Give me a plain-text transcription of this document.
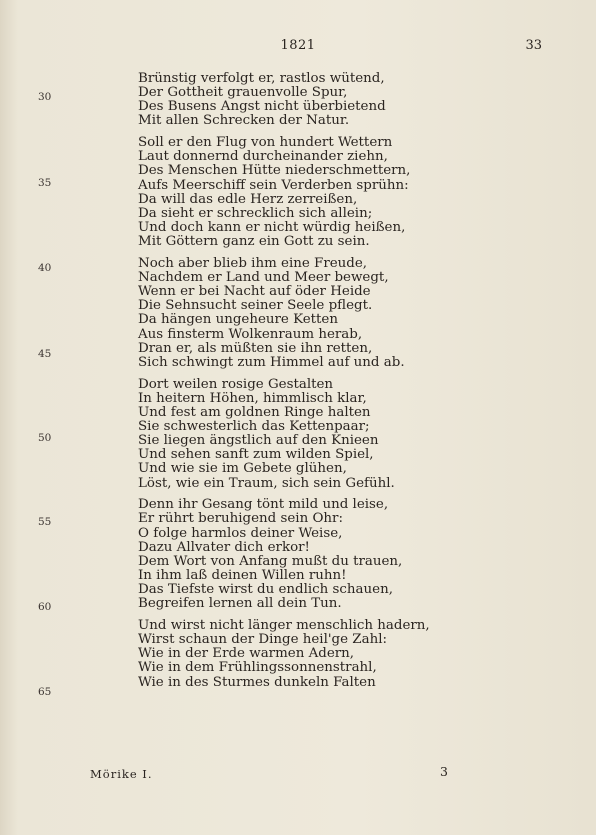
1821	33
30
35
40
45
50
55
60
65
Brünstig verfolgt er, rastlos wütend,
Der Gottheit grauenvolle Spur,
Des Busens Angst nicht überbietend
Mit allen Schrecken der Natur.
Soll er den Flug von hundert Wettern
Laut donnernd durcheinander ziehn,
Des Menschen Hütte niederschmettern,
Aufs Meerschiff sein Verderben sprühn:
Da will das edle Herz zerreißen,
Da sieht er schrecklich sich allein;
Und doch kann er nicht würdig heißen,
Mit Göttern ganz ein Gott zu sein.
Noch aber blieb ihm eine Freude,
Nachdem er Land und Meer bewegt,
Wenn er bei Nacht auf öder Heide
Die Sehnsucht seiner Seele pflegt.
Da hängen ungeheure Ketten
Aus finsterm Wolkenraum herab,
Dran er, als müßten sie ihn retten,
Sich schwingt zum Himmel auf und ab.
Dort weilen rosige Gestalten
In heitern Höhen, himmlisch klar,
Und fest am goldnen Ringe halten
Sie schwesterlich das Kettenpaar;
Sie liegen ängstlich auf den Knieen
Und sehen sanft zum wilden Spiel,
Und wie sie im Gebete glühen,
Löst, wie ein Traum, sich sein Gefühl.
Denn ihr Gesang tönt mild und leise,
Er rührt beruhigend sein Ohr:
O folge harmlos deiner Weise,
Dazu Allvater dich erkor!
Dem Wort von Anfang mußt du trauen,
In ihm laß deinen Willen ruhn!
Das Tiefste wirst du endlich schauen,
Begreifen lernen all dein Tun.
Und wirst nicht länger menschlich hadern,
Wirst schaun der Dinge heil'ge Zahl:
Wie in der Erde warmen Adern,
Wie in dem Frühlingssonnenstrahl,
Wie in des Sturmes dunkeln Falten
Mörike I.	3
